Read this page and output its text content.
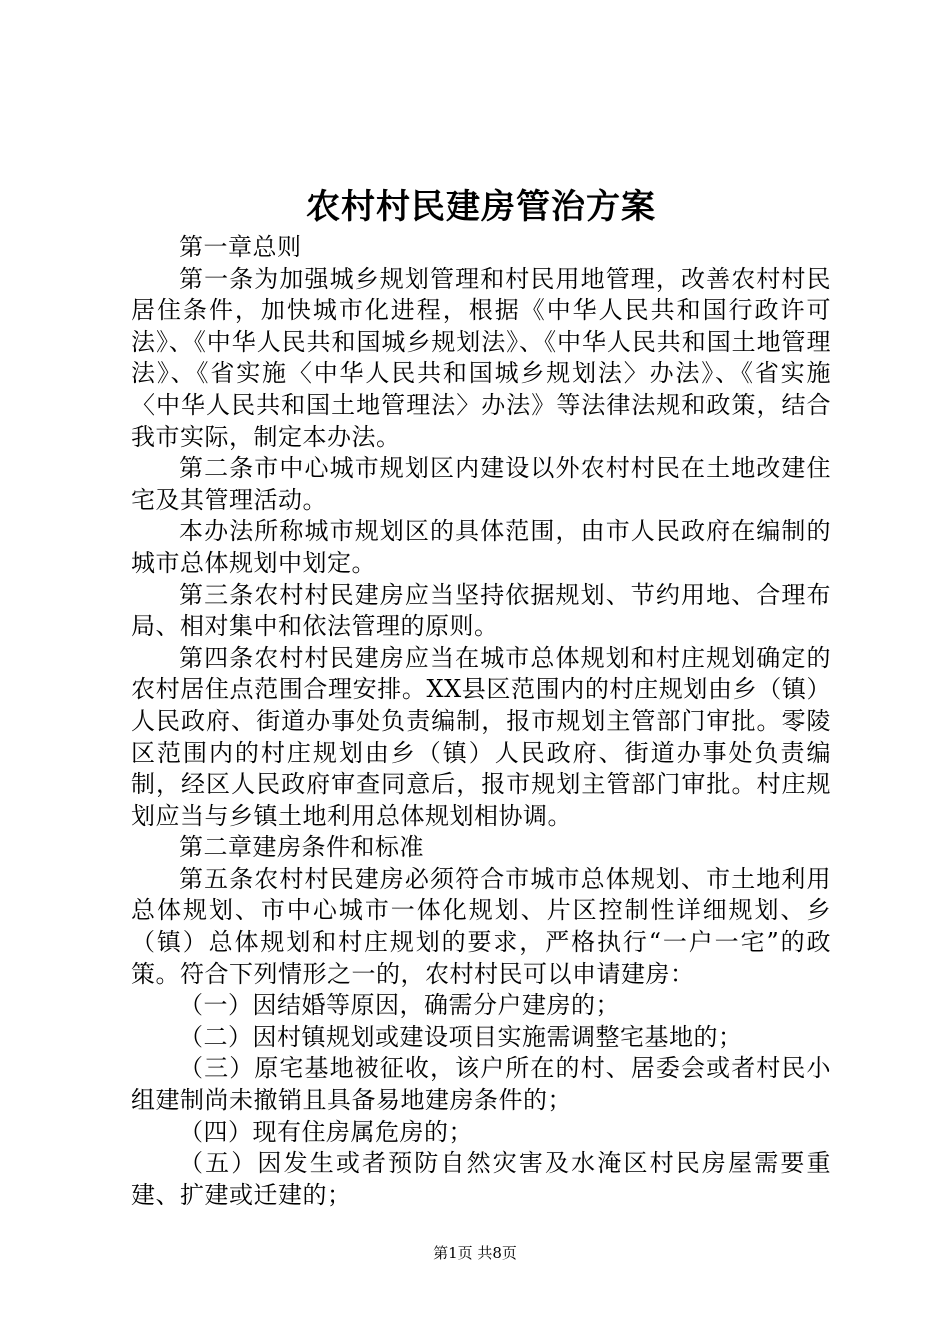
农村村民建房管治方案

第一章总则

第一条为加强城乡规划管理和村民用地管理，改善农村村民居住条件，加快城市化进程，根据《中华人民共和国行政许可法》、《中华人民共和国城乡规划法》、《中华人民共和国土地管理法》、《省实施〈中华人民共和国城乡规划法〉办法》、《省实施〈中华人民共和国土地管理法〉办法》等法律法规和政策，结合我市实际，制定本办法。

第二条市中心城市规划区内建设以外农村村民在土地改建住宅及其管理活动。

本办法所称城市规划区的具体范围，由市人民政府在编制的城市总体规划中划定。

第三条农村村民建房应当坚持依据规划、节约用地、合理布局、相对集中和依法管理的原则。

第四条农村村民建房应当在城市总体规划和村庄规划确定的农村居住点范围合理安排。XX县区范围内的村庄规划由乡（镇）人民政府、街道办事处负责编制，报市规划主管部门审批。零陵区范围内的村庄规划由乡（镇）人民政府、街道办事处负责编制，经区人民政府审查同意后，报市规划主管部门审批。村庄规划应当与乡镇土地利用总体规划相协调。

第二章建房条件和标准

第五条农村村民建房必须符合市城市总体规划、市土地利用总体规划、市中心城市一体化规划、片区控制性详细规划、乡（镇）总体规划和村庄规划的要求，严格执行“一户一宅”的政策。符合下列情形之一的，农村村民可以申请建房：

（一）因结婚等原因，确需分户建房的；

（二）因村镇规划或建设项目实施需调整宅基地的；

（三）原宅基地被征收，该户所在的村、居委会或者村民小组建制尚未撤销且具备易地建房条件的；

（四）现有住房属危房的；

（五）因发生或者预防自然灾害及水淹区村民房屋需要重建、扩建或迁建的；

第1页 共8页
